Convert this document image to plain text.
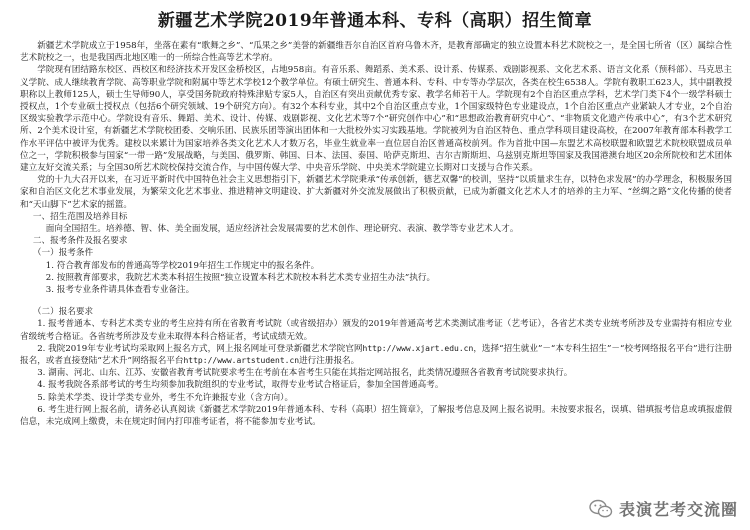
新疆艺术学院2019年普通本科、专科（高职）招生简章

新疆艺术学院成立于1958年，坐落在素有“歌舞之乡”、“瓜果之乡”美誉的新疆维吾尔自治区首府乌鲁木齐，是教育部确定的独立设置本科艺术院校之一，是全国七所省（区）属综合性艺术院校之一，也是我国西北地区唯一的一所综合性高等艺术学府。

学院现有团结路东校区、西校区和经济技术开发区金桥校区，占地958亩。有音乐系、舞蹈系、美术系、设计系、传媒系、戏剧影视系、文化艺术系、语言文化系（预科部）、马克思主义学院、成人继续教育学院、高等职业学院和附属中等艺术学校12个教学单位。有硕士研究生、普通本科、专科、中专等办学层次，各类在校生6538人。学院有教职工623人，其中副教授职称以上教师125人，硕士生导师90人，享受国务院政府特殊津贴专家5人，自治区有突出贡献优秀专家、教学名师若干人。学院现有2个自治区重点学科，艺术学门类下4个一级学科硕士授权点，1个专业硕士授权点（包括6个研究领域、19个研究方向）。有32个本科专业，其中2个自治区重点专业，1个国家级特色专业建设点，1个自治区重点产业紧缺人才专业，2个自治区级实验教学示范中心。学院设有音乐、舞蹈、美术、设计、传媒、戏剧影视、文化艺术等7个“研究创作中心”和“思想政治教育研究中心”、“非物质文化遗产传承中心”，有3个艺术研究所、2个美术设计室，有新疆艺术学院校团委、交响乐团、民族乐团等演出团体和一大批校外实习实践基地。学院被列为自治区特色、重点学科项目建设高校，在2007年教育部本科教学工作水平评估中被评为优秀。建校以来累计为国家培养各类文化艺术人才数万名，毕业生就业率一直位居自治区普通高校前列。作为首批中国—东盟艺术高校联盟和欧盟艺术院校联盟成员单位之一，学院积极参与国家“一带一路”发展战略，与美国、俄罗斯、韩国、日本、法国、泰国、哈萨克斯坦、吉尔吉斯斯坦、乌兹别克斯坦等国家及我国港澳台地区20余所院校和艺术团体建立友好交流关系；与全国30所艺术院校保持交流合作，与中国传媒大学、中央音乐学院、中央美术学院建立长期对口支援与合作关系。

党的十九大召开以来，在习近平新时代中国特色社会主义思想指引下，新疆艺术学院秉承“传承创新，德艺双馨”的校训，坚持“以质量求生存，以特色求发展”的办学理念，积极服务国家和自治区文化艺术事业发展，为繁荣文化艺术事业、推进精神文明建设、扩大新疆对外交流发展做出了积极贡献，已成为新疆文化艺术人才的培养的主力军、“丝绸之路”文化传播的使者和“天山脚下”艺术家的摇篮。

一、招生范围及培养目标

面向全国招生。培养德、智、体、美全面发展，适应经济社会发展需要的艺术创作、理论研究、表演、教学等专业艺术人才。

二、报考条件及报名要求

（一）报考条件

1. 符合教育部发布的普通高等学校2019年招生工作规定中的报名条件。

2. 按照教育部要求，我院艺术类本科招生按照“独立设置本科艺术院校本科艺术类专业招生办法”执行。

3. 报考专业条件请具体查看专业备注。

（二）报名要求

1. 报考普通本、专科艺术类专业的考生应持有所在省教育考试院（或省级招办）颁发的2019年普通高考艺术类测试准考证（艺考证），各省艺术类专业统考所涉及专业需持有相应专业省级统考合格证。各省统考所涉及专业未取得本科合格证者，考试成绩无效。

2. 我院2019年专业考试均采取网上报名方式，网上报名网址可登录新疆艺术学院官网http://www.xjart.edu.cn，选择“招生就业”－“本专科生招生”－“校考网络报名平台”进行注册报名，或者直接登陆“艺术升”网络报名平台http://www.artstudent.cn进行注册报名。

3. 湖南、河北、山东、江苏、安徽省教育考试院要求考生在考前在本省考生只能在其指定网站报名，此类情况遵照各省教育考试院要求执行。

4. 报考我院各系部考试的考生均须参加我院组织的专业考试，取得专业考试合格证后，参加全国普通高考。

5. 除美术学类、设计学类专业外，考生不允许兼报专业（含方向）。

6. 考生进行网上报名前，请务必认真阅读《新疆艺术学院2019年普通本科、专科（高职）招生简章》，了解报考信息及网上报名说明。未按要求报名，误填、错填报考信息或填报虚假信息，未完成网上缴费，未在规定时间内打印准考证者，将不能参加专业考试。

表演艺考交流圈
